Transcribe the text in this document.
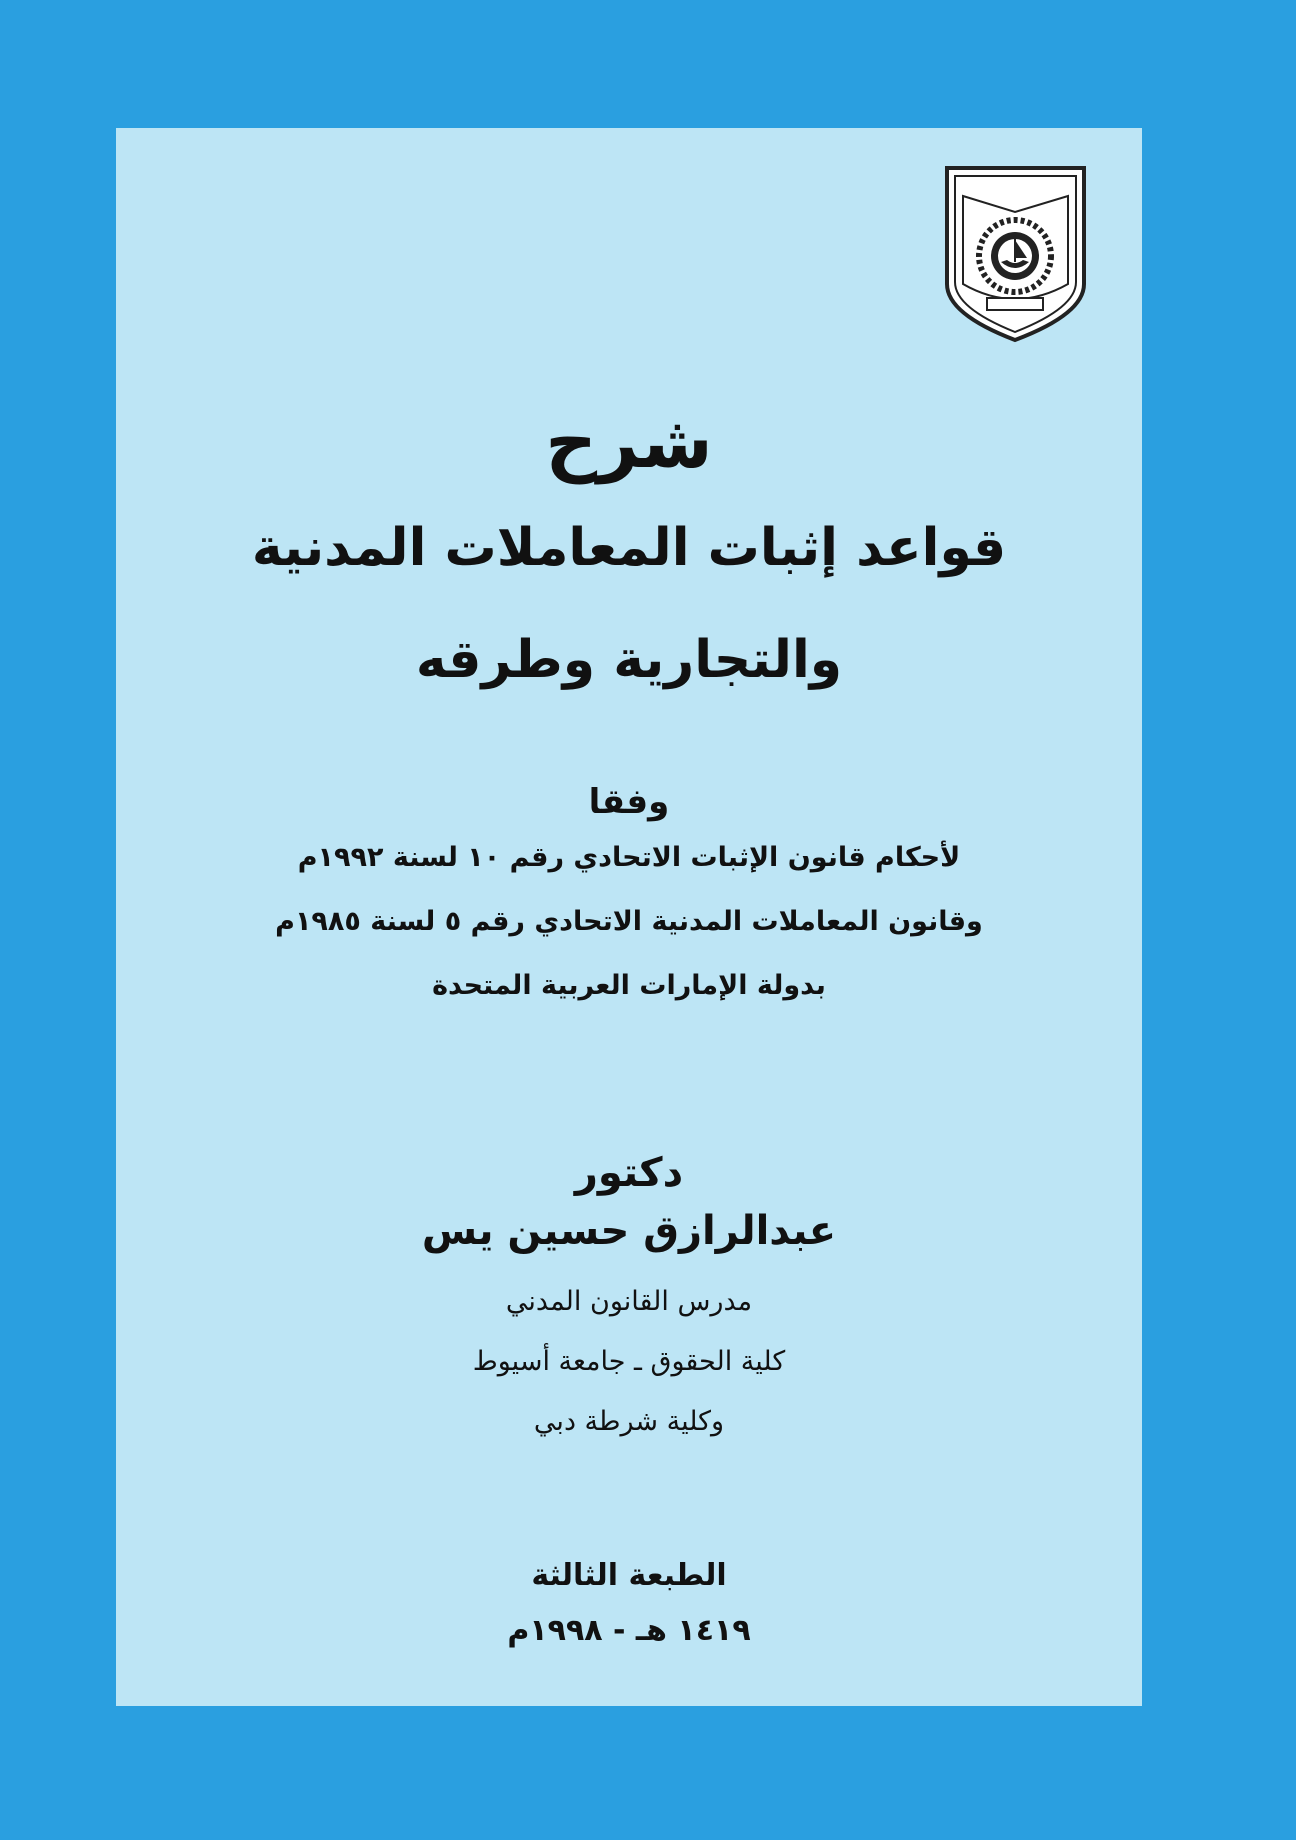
شرح
قواعد إثبات المعاملات المدنية
والتجارية وطرقه
وفقا
لأحكام قانون الإثبات الاتحادي رقم ١٠ لسنة ١٩٩٢م
وقانون المعاملات المدنية الاتحادي رقم ٥ لسنة ١٩٨٥م
بدولة الإمارات العربية المتحدة
دكتور
عبدالرازق حسين يس
مدرس القانون المدني
كلية الحقوق ـ جامعة أسيوط
وكلية شرطة دبي
الطبعة الثالثة
١٤١٩ هـ - ١٩٩٨م
